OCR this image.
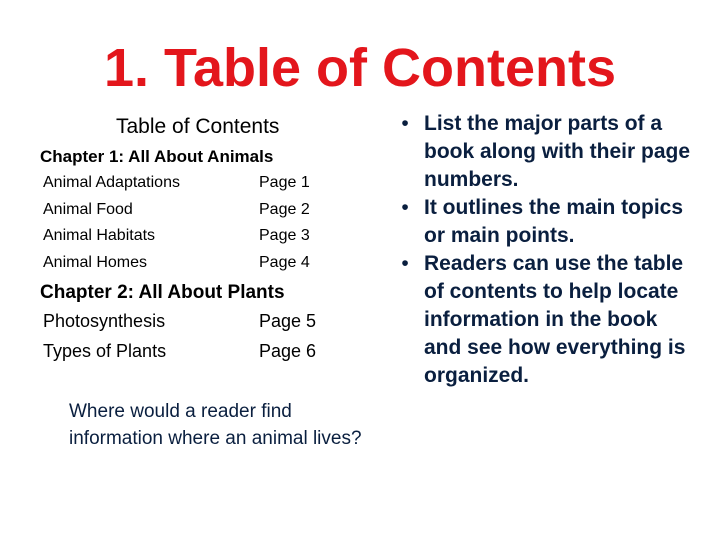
1. Table of Contents
Table of Contents
Chapter 1: All About Animals
Animal Adaptations	Page 1
Animal Food	Page 2
Animal Habitats	Page 3
Animal Homes	Page 4
Chapter 2: All About Plants
Photosynthesis	Page 5
Types of Plants	Page 6
Where would a reader find information where an animal lives?
• List the major parts of a book along with their page numbers.
• It outlines the main topics or main points.
• Readers can use the table of contents to help locate information in the book and see how everything is organized.
